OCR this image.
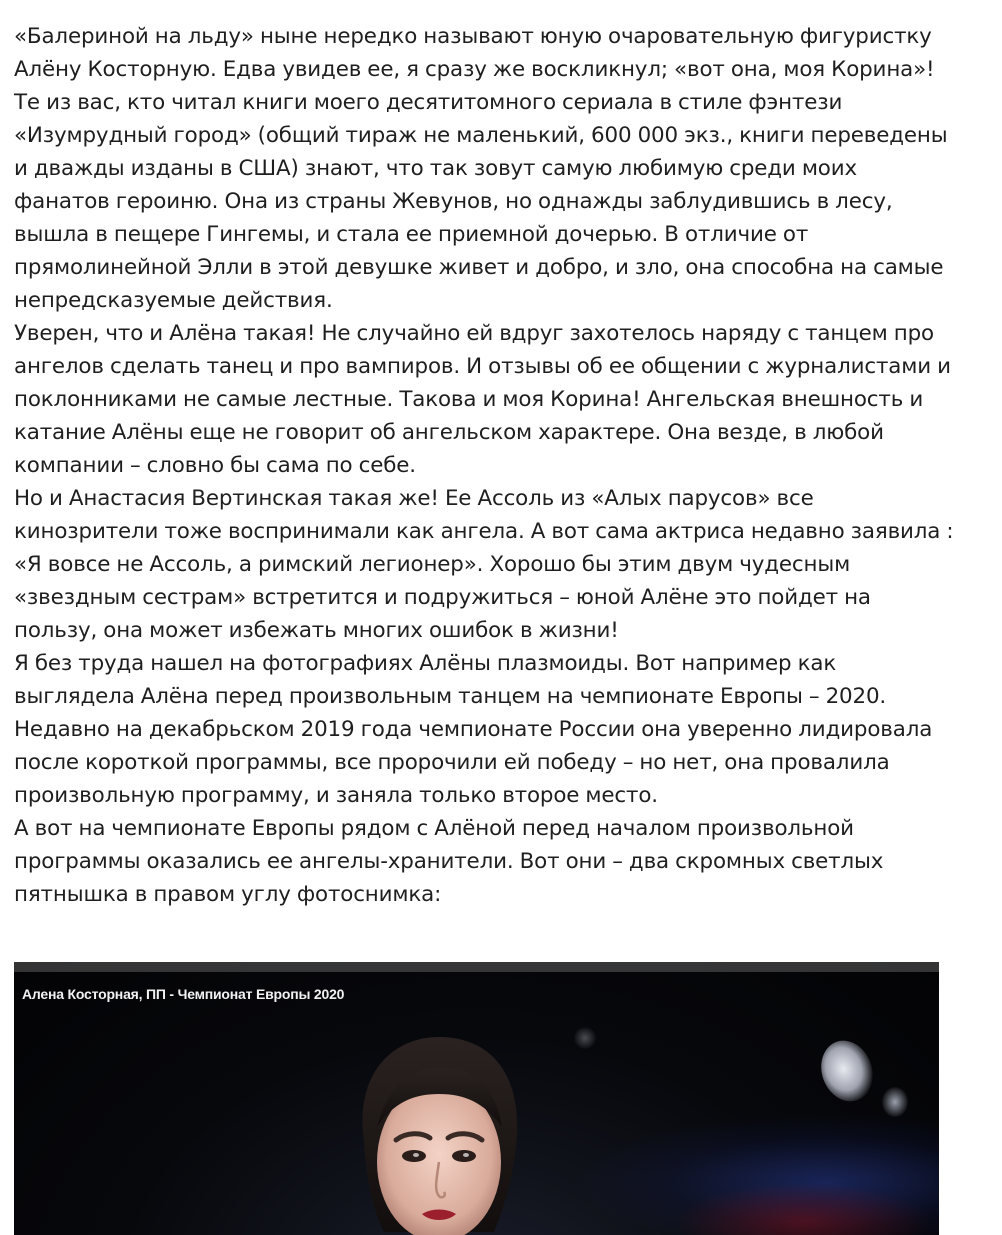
«Балериной на льду» ныне нередко называют юную очаровательную фигуристку Алёну Косторную. Едва увидев ее, я сразу же воскликнул; «вот она, моя Корина»! Те из вас, кто читал книги моего десятитомного сериала в стиле фэнтези «Изумрудный город» (общий тираж не маленький, 600 000 экз., книги переведены и дважды изданы в США) знают, что так зовут самую любимую среди моих фанатов героиню. Она из страны Жевунов, но однажды заблудившись в лесу, вышла в пещере Гингемы, и стала ее приемной дочерью. В отличие от прямолинейной Элли в этой девушке живет и добро, и зло, она способна на самые непредсказуемые действия.

Уверен, что и Алёна такая! Не случайно ей вдруг захотелось наряду с танцем про ангелов сделать танец и про вампиров. И отзывы об ее общении с журналистами и поклонниками не самые лестные. Такова и моя Корина! Ангельская внешность и катание Алёны еще не говорит об ангельском характере. Она везде, в любой компании – словно бы сама по себе.

Но и Анастасия Вертинская такая же! Ее Ассоль из «Алых парусов» все кинозрители тоже воспринимали как ангела. А вот сама актриса недавно заявила : «Я вовсе не Ассоль, а римский легионер». Хорошо бы этим двум чудесным «звездным сестрам» встретится и подружиться – юной Алёне это пойдет на пользу, она может избежать многих ошибок в жизни!

Я без труда нашел на фотографиях Алёны плазмоиды. Вот например как выглядела Алёна перед произвольным танцем на чемпионате Европы – 2020. Недавно на декабрьском 2019 года чемпионате России она уверенно лидировала после короткой программы, все пророчили ей победу – но нет, она провалила произвольную программу, и заняла только второе место.

А вот на чемпионате Европы рядом с Алёной перед началом произвольной программы оказались ее ангелы-хранители. Вот они – два скромных светлых пятнышка в правом углу фотоснимка:

Алена Косторная, ПП - Чемпионат Европы 2020
